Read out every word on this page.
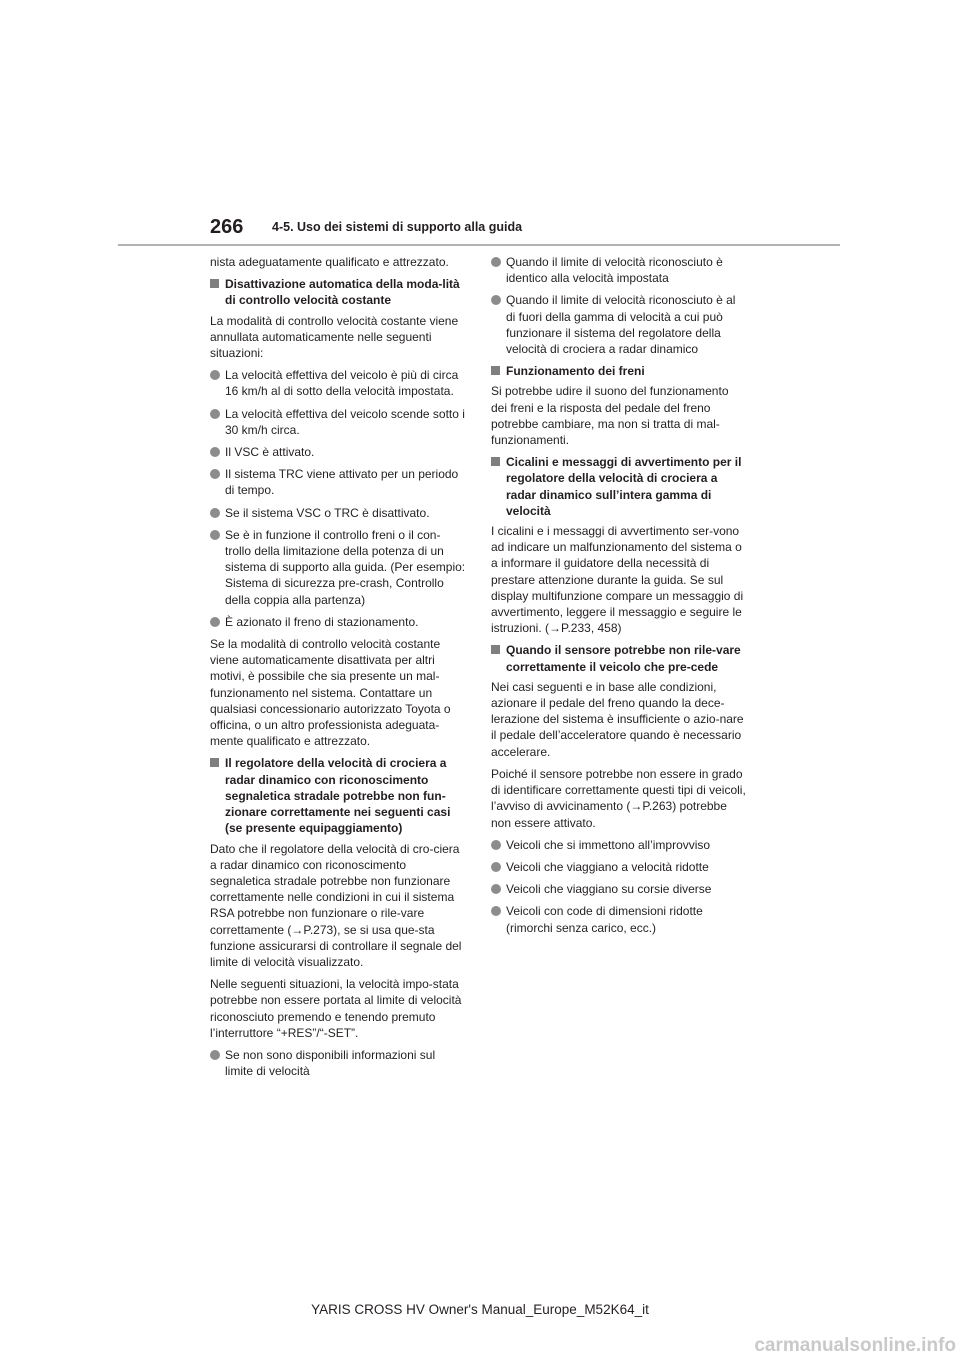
266 4-5. Uso dei sistemi di supporto alla guida

nista adeguatamente qualificato e attrezzato.

Disattivazione automatica della moda-lità di controllo velocità costante

La modalità di controllo velocità costante viene annullata automaticamente nelle seguenti situazioni:

La velocità effettiva del veicolo è più di circa 16 km/h al di sotto della velocità impostata.
La velocità effettiva del veicolo scende sotto i 30 km/h circa.
Il VSC è attivato.
Il sistema TRC viene attivato per un periodo di tempo.
Se il sistema VSC o TRC è disattivato.
Se è in funzione il controllo freni o il con-trollo della limitazione della potenza di un sistema di supporto alla guida. (Per esempio: Sistema di sicurezza pre-crash, Controllo della coppia alla partenza)
È azionato il freno di stazionamento.

Se la modalità di controllo velocità costante viene automaticamente disattivata per altri motivi, è possibile che sia presente un mal-funzionamento nel sistema. Contattare un qualsiasi concessionario autorizzato Toyota o officina, o un altro professionista adeguata-mente qualificato e attrezzato.

Il regolatore della velocità di crociera a radar dinamico con riconoscimento segnaletica stradale potrebbe non fun-zionare correttamente nei seguenti casi (se presente equipaggiamento)

Dato che il regolatore della velocità di cro-ciera a radar dinamico con riconoscimento segnaletica stradale potrebbe non funzionare correttamente nelle condizioni in cui il sistema RSA potrebbe non funzionare o rile-vare correttamente (→P.273), se si usa que-sta funzione assicurarsi di controllare il segnale del limite di velocità visualizzato.

Nelle seguenti situazioni, la velocità impo-stata potrebbe non essere portata al limite di velocità riconosciuto premendo e tenendo premuto l’interruttore “+RES”/“-SET”.

Se non sono disponibili informazioni sul limite di velocità
Quando il limite di velocità riconosciuto è identico alla velocità impostata
Quando il limite di velocità riconosciuto è al di fuori della gamma di velocità a cui può funzionare il sistema del regolatore della velocità di crociera a radar dinamico
Funzionamento dei freni

Si potrebbe udire il suono del funzionamento dei freni e la risposta del pedale del freno potrebbe cambiare, ma non si tratta di mal-funzionamenti.

Cicalini e messaggi di avvertimento per il regolatore della velocità di crociera a radar dinamico sull’intera gamma di velocità

I cicalini e i messaggi di avvertimento ser-vono ad indicare un malfunzionamento del sistema o a informare il guidatore della necessità di prestare attenzione durante la guida. Se sul display multifunzione compare un messaggio di avvertimento, leggere il messaggio e seguire le istruzioni. (→P.233, 458)

Quando il sensore potrebbe non rile-vare correttamente il veicolo che pre-cede

Nei casi seguenti e in base alle condizioni, azionare il pedale del freno quando la dece-lerazione del sistema è insufficiente o azio-nare il pedale dell’acceleratore quando è necessario accelerare.

Poiché il sensore potrebbe non essere in grado di identificare correttamente questi tipi di veicoli, l’avviso di avvicinamento (→P.263) potrebbe non essere attivato.

Veicoli che si immettono all’improvviso
Veicoli che viaggiano a velocità ridotte
Veicoli che viaggiano su corsie diverse
Veicoli con code di dimensioni ridotte (rimorchi senza carico, ecc.)
YARIS CROSS HV Owner's Manual_Europe_M52K64_it
carmanualsonline.info
